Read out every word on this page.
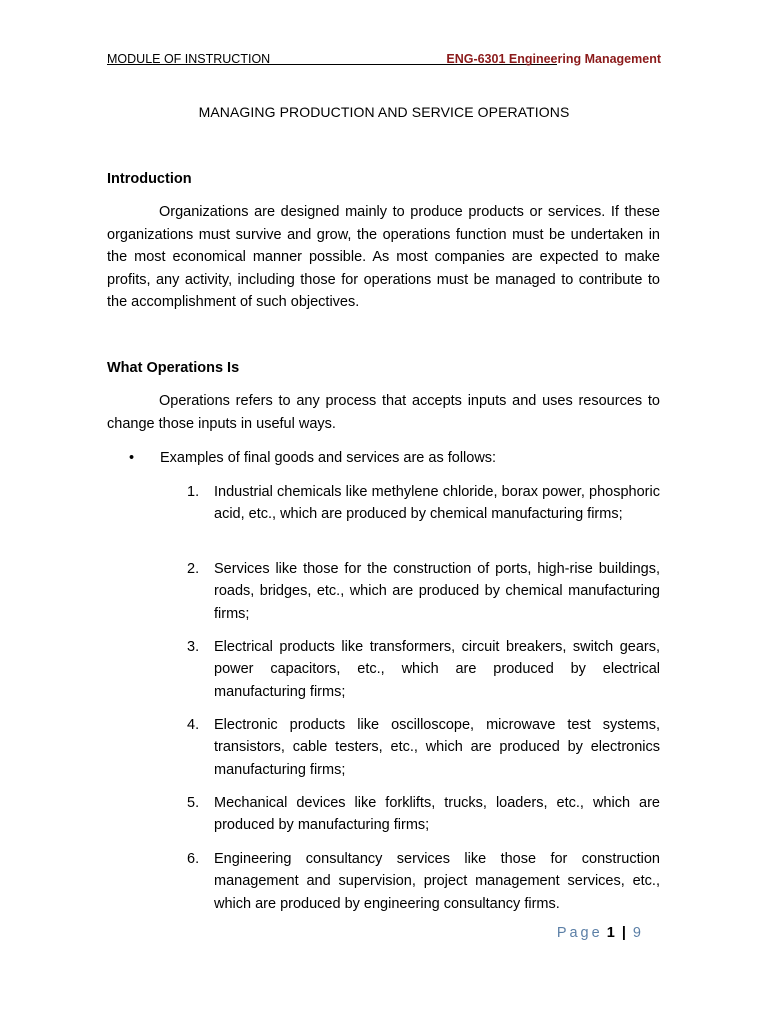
MODULE OF INSTRUCTION	ENG-6301 Engineering Management
MANAGING PRODUCTION AND SERVICE OPERATIONS
Introduction
Organizations are designed mainly to produce products or services. If these organizations must survive and grow, the operations function must be undertaken in the most economical manner possible. As most companies are expected to make profits, any activity, including those for operations must be managed to contribute to the accomplishment of such objectives.
What Operations Is
Operations refers to any process that accepts inputs and uses resources to change those inputs in useful ways.
• Examples of final goods and services are as follows:
1.	Industrial chemicals like methylene chloride, borax power, phosphoric acid, etc., which are produced by chemical manufacturing firms;
2.	Services like those for the construction of ports, high-rise buildings, roads, bridges, etc., which are produced by chemical manufacturing firms;
3.	Electrical products like transformers, circuit breakers, switch gears, power capacitors, etc., which are produced by electrical manufacturing firms;
4.	Electronic products like oscilloscope, microwave test systems, transistors, cable testers, etc., which are produced by electronics manufacturing firms;
5.	Mechanical devices like forklifts, trucks, loaders, etc., which are produced by manufacturing firms;
6.	Engineering consultancy services like those for construction management and supervision, project management services, etc., which are produced by engineering consultancy firms.
Page 1 | 9
